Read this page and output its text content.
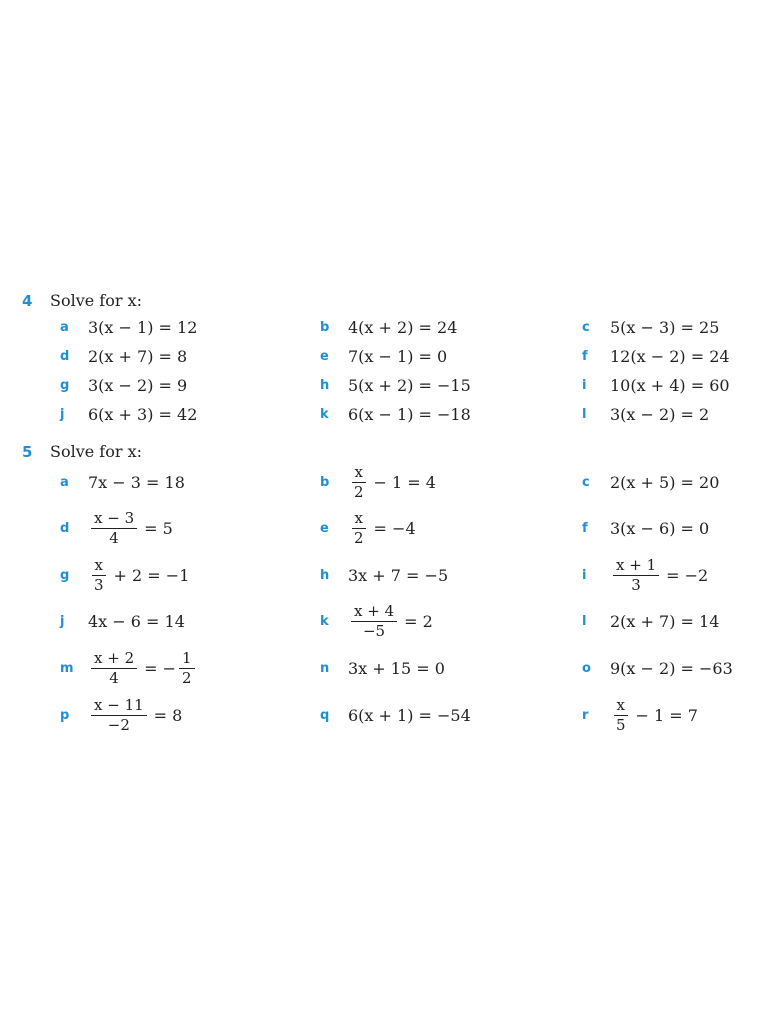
4 Solve for x:
a	3(x − 1) = 12	b	4(x + 2) = 24	c	5(x − 3) = 25
d	2(x + 7) = 8	e	7(x − 1) = 0	f	12(x − 2) = 24
g	3(x − 2) = 9	h	5(x + 2) = −15	i	10(x + 4) = 60
j	6(x + 3) = 42	k	6(x − 1) = −18	l	3(x − 2) = 2
5 Solve for x:
a	7x − 3 = 18	b	$\frac{x}{2} - 1 = 4$	c	2(x + 5) = 20
d	$\frac{x - 3}{4} = 5$	e	$\frac{x}{2} = -4$	f	3(x − 6) = 0
g	$\frac{x}{3} + 2 = -1$	h	3x + 7 = −5	i	$\frac{x + 1}{3} = -2$
j	4x − 6 = 14	k	$\frac{x + 4}{-5} = 2$	l	2(x + 7) = 14
m	$\frac{x + 2}{4}$ = − $\frac{1}{2}$	n	3x + 15 = 0	o	9(x − 2) = −63
p	$\frac{x - 11}{-2} = 8$	q	6(x + 1) = −54	r	$\frac{x}{5} - 1 = 7$
